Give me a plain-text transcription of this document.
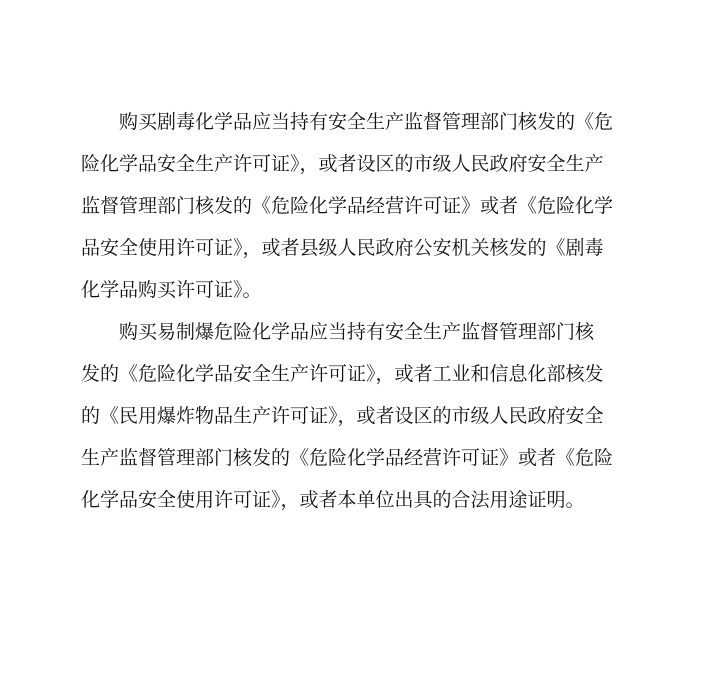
购买剧毒化学品应当持有安全生产监督管理部门核发的《危
险化学品安全生产许可证》，或者设区的市级人民政府安全生产
监督管理部门核发的《危险化学品经营许可证》或者《危险化学
品安全使用许可证》，或者县级人民政府公安机关核发的《剧毒
化学品购买许可证》。
购买易制爆危险化学品应当持有安全生产监督管理部门核
发的《危险化学品安全生产许可证》，或者工业和信息化部核发
的《民用爆炸物品生产许可证》，或者设区的市级人民政府安全
生产监督管理部门核发的《危险化学品经营许可证》或者《危险
化学品安全使用许可证》，或者本单位出具的合法用途证明。
